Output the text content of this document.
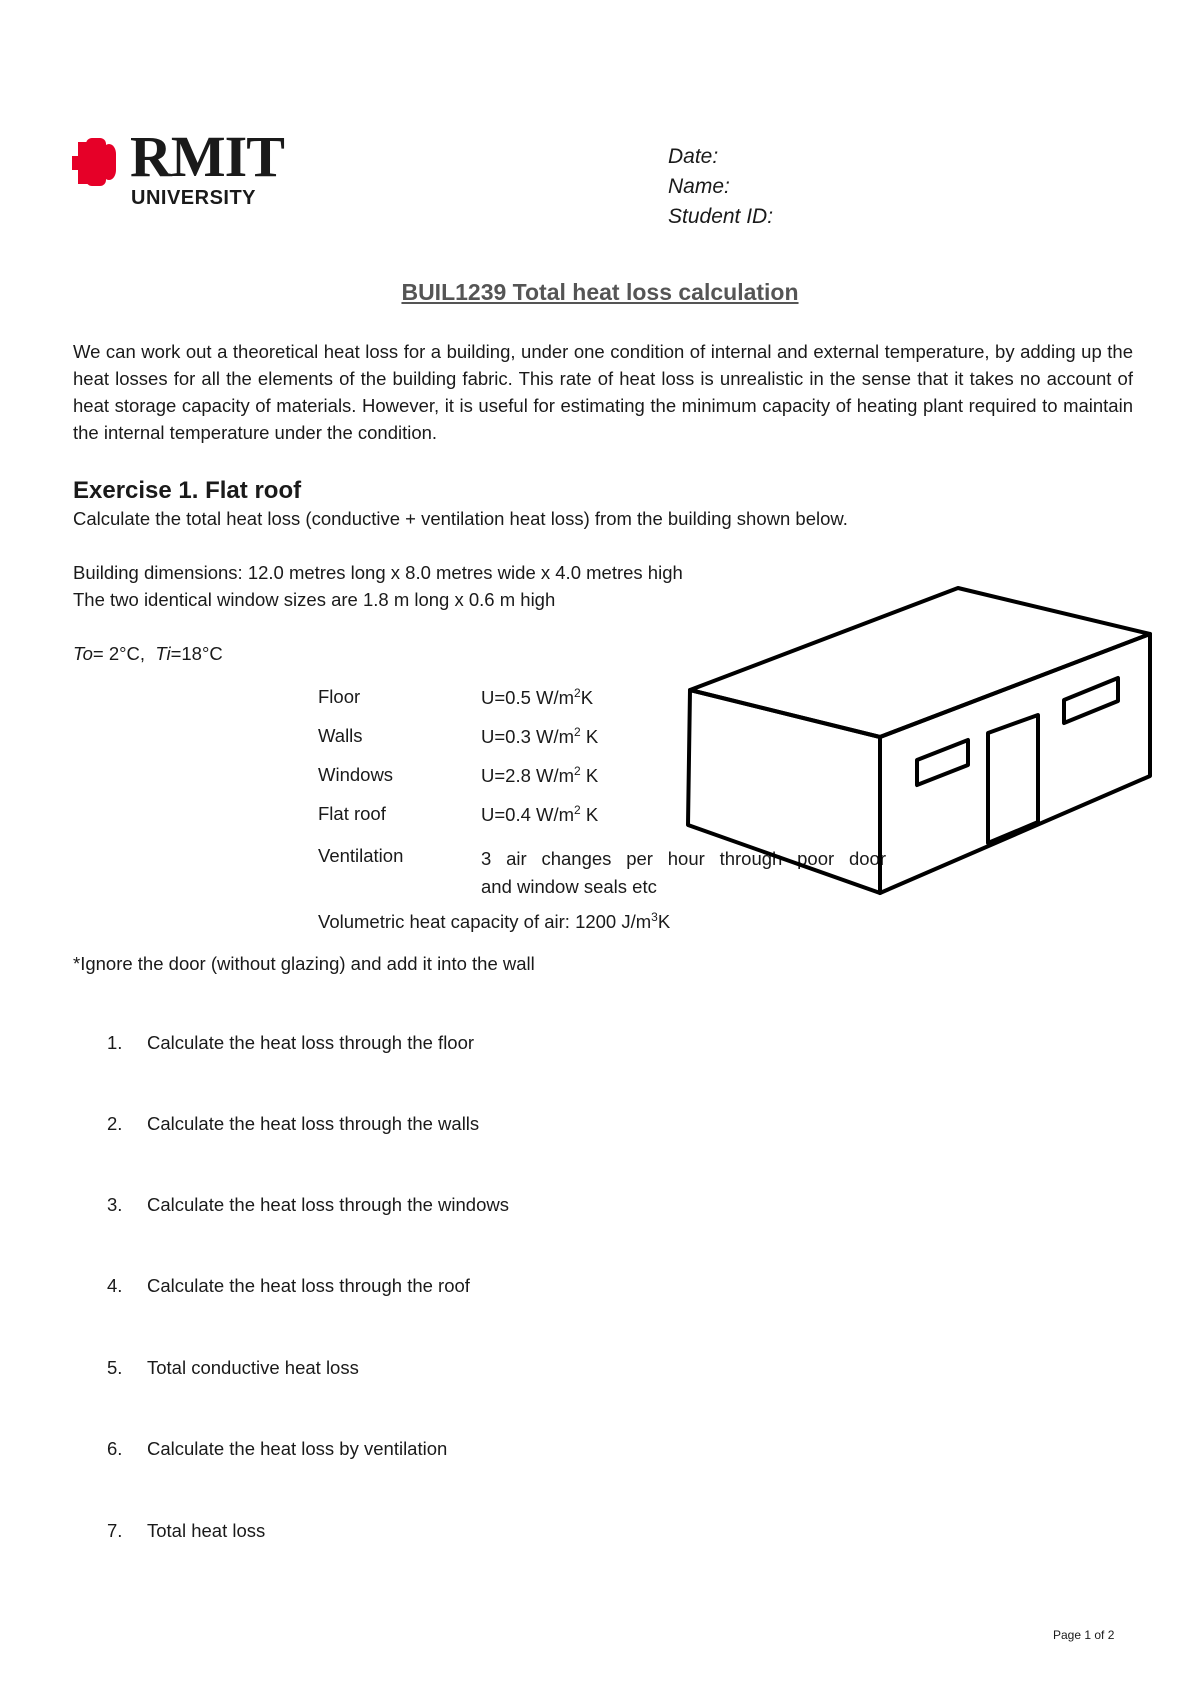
RMIT
UNIVERSITY
Date:
Name:
Student ID:
BUIL1239 Total heat loss calculation
We can work out a theoretical heat loss for a building, under one condition of internal and external temperature, by adding up the heat losses for all the elements of the building fabric. This rate of heat loss is unrealistic in the sense that it takes no account of heat storage capacity of materials. However, it is useful for estimating the minimum capacity of heating plant required to maintain the internal temperature under the condition.
Exercise 1. Flat roof
Calculate the total heat loss (conductive + ventilation heat loss) from the building shown below.
Building dimensions: 12.0 metres long x 8.0 metres wide x 4.0 metres high
The two identical window sizes are 1.8 m long x 0.6 m high
To= 2°C, Ti=18°C
Floor	U=0.5 $W/m^2K$
Walls	U=0.3 $W/m^2$ K
Windows	U=2.8 $W/m^2$ K
Flat roof	U=0.4 $W/m^2$ K
Ventilation	3 air changes per hour through poor door
and window seals etc
Volumetric heat capacity of air: 1200 $J/m^3K$
*Ignore the door (without glazing) and add it into the wall
1. Calculate the heat loss through the floor
2. Calculate the heat loss through the walls
3. Calculate the heat loss through the windows
4. Calculate the heat loss through the roof
5. Total conductive heat loss
6. Calculate the heat loss by ventilation
7. Total heat loss
Page 1 of 2
